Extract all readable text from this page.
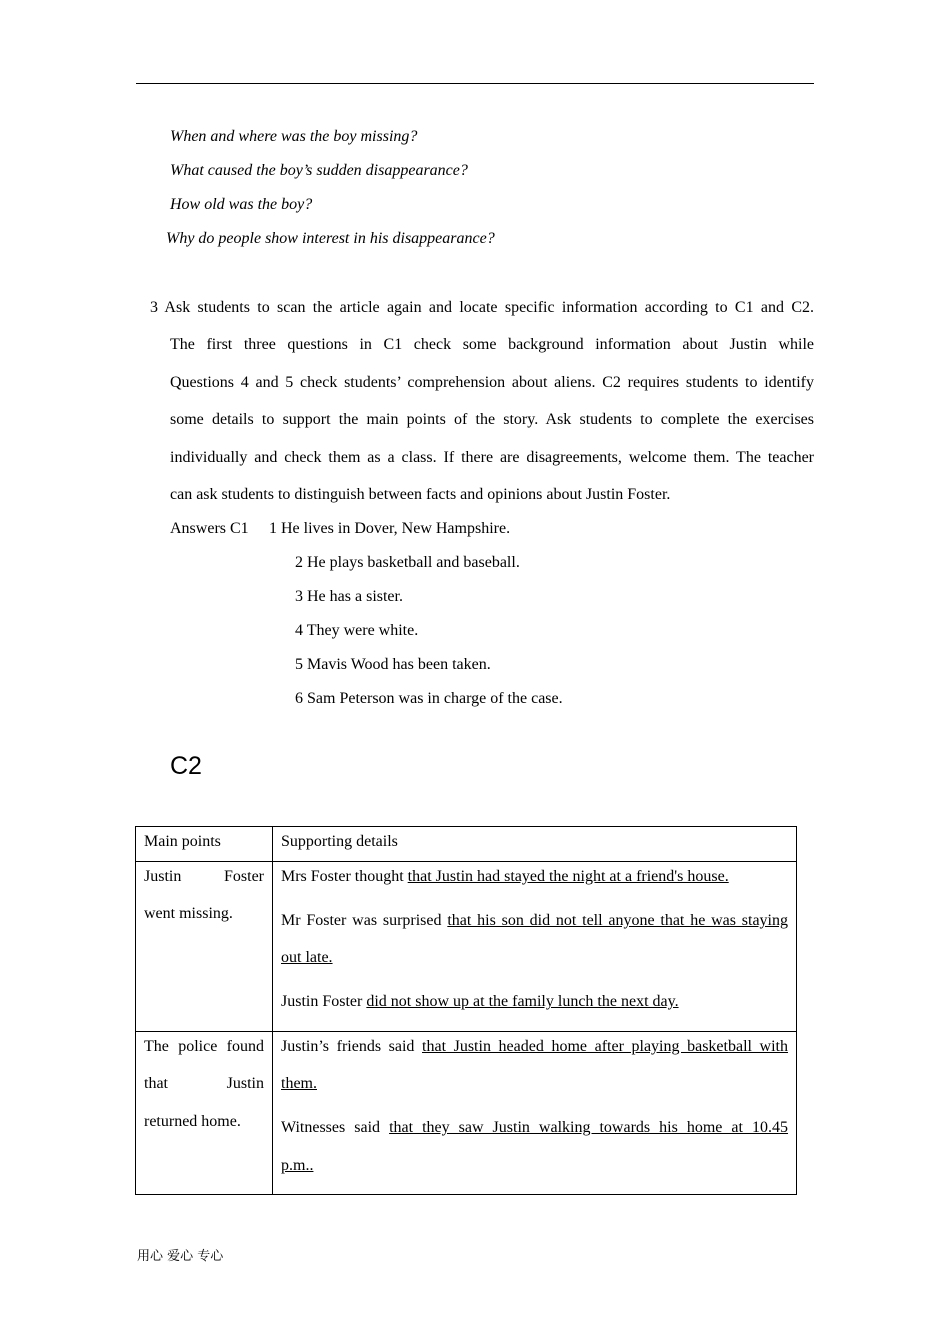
When and where was the boy missing?
What caused the boy’s sudden disappearance?
How old was the boy?
Why do people show interest in his disappearance?
3 Ask students to scan the article again and locate specific information according to C1 and C2.
The first three questions in C1 check some background information about Justin while
Questions 4 and 5 check students’ comprehension about aliens. C2 requires students to identify
some details to support the main points of the story. Ask students to complete the exercises
individually and check them as a class. If there are disagreements, welcome them. The teacher
can ask students to distinguish between facts and opinions about Justin Foster.
Answers C1 1 He lives in Dover, New Hampshire.
2 He plays basketball and baseball.
3 He has a sister.
4 They were white.
5 Mavis Wood has been taken.
6 Sam Peterson was in charge of the case.
C2
Main points	Supporting details

Justin Foster
went missing.	Mrs Foster thought that Justin had stayed the night at a friend's house.
Mr Foster was surprised that his son did not tell anyone that he was staying
out late.
Justin Foster did not show up at the family lunch the next day.

The police found
that Justin
returned home.	Justin’s friends said that Justin headed home after playing basketball with
them.
Witnesses said that they saw Justin walking towards his home at 10.45
p.m..
用心 爱心 专心
